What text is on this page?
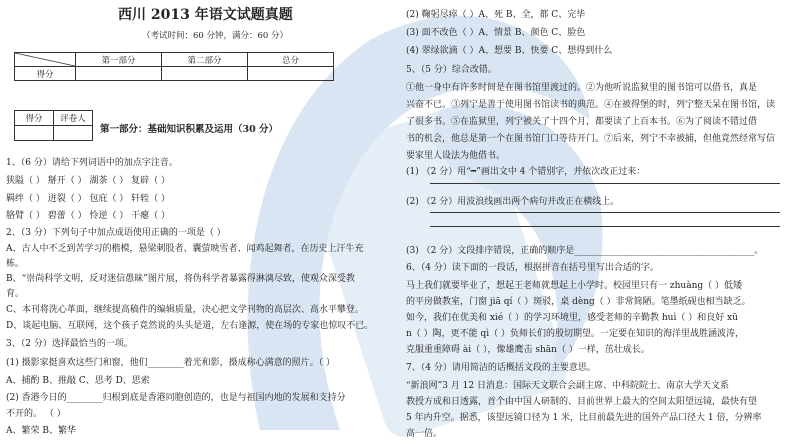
西川 2013 年语文试题真题
（考试时间：60 分钟，满分：60 分）
	第一部分	第二部分	总分
得分			
得分	评卷人

第一部分：基础知识积累及运用（30 分）
1、（6 分）请给下列词语中的加点字注音。
狭隘（ ） 掰开（ ） 湖茶（ ） 复辟（ ）
羁绊（ ） 迸裂（ ） 包庇（ ） 轩轾（ ）
胳臂（ ） 碧蕾（ ） 怜逆（ ） 干瘪（ ）
2、（3 分）下列句子中加点成语使用正确的一项是（ ）
A、古人中不乏到苦学习的楷模，悬梁刺股者、囊萤映雪者、闻鸡起舞者，在历史上汗牛充
栋。
B、“崇尚科学文明，反对迷信愚昧”图片展，将伪科学者暴露得淋漓尽致，使观众深受教
育。
C、本刊将洗心革面，继续提高稿件的编辑质量，决心把文学刊物的高层次、高水平攀登。
D、谈起电脑、互联网，这个孩子竟然说的头头是道，左右逢源，使在场的专家也惊叹不已。
3、（2 分）选择最恰当的一项。
(1) 摄影家挺喜欢这些门和窗，他们________着光和影，摄成称心满意的照片。（ ）
A、捕酌 B、推敲 C、思考 D、思索
(2) 香港今日的________归根到底是香港同胞创造的，也是与祖国内地的发展和支持分
不开的。 （ ）
A、繁荣 B、繁华
(2) 鞠躬尽瘁（ ）A、死 B、全，都 C、完毕
(3) 面不改色（ ）A、情景 B、颜色 C、脸色
(4) 翠绿欲滴（ ）A、想要 B、快要 C、想得到什么
5、（5 分）综合改错。
①他一身中有许多时间是在图书馆里渡过的。②为他听说监狱里的图书馆可以借书，真是
兴奋不已。③列宁是善于使用图书馆读书的典范。④在被得堡的时，列宁整天呆在图书馆，读
了很多书。⑤在监狱里，列宁被关了十四个月，都要读了上百本书。⑥为了阅读不错过借
书的机会，他总是第一个在图书馆门口等待开门。⑦后来，列宁不幸被捕，但他竟然经常写信
要家里人设法为他借书。
(1) （2 分）用“━”画出文中 4 个错别字，并依次改正过来：
(2) （2 分）用波浪线画出两个病句并改正在横线上。
(3) （2 分）文段排序错误，正确的顺序是________________________________________。
6、（4 分）读下面的一段话，根据拼音在括号里写出合适的字。
马上我们就要毕业了，想起王老师就想起上小学时。校园里只有一 zhuàng（ ）低矮
的平房做教室，门窗 jiā qí（ ）斑驳，桌 dèng（ ）非常简陋。笔墨纸砚也相当缺乏。
如今，我们在优美和 xié（ ）的学习环境里，感受老师的辛勤教 huì（ ）和良好 xū
n（ ）陶，更不能 qì（ ）负师长们的殷切期望。一定要在知识的海洋里战胜涵波涛，
克服重重障碍 ài（ ），像雄鹰击 shān（ ）一样，茁壮成长。
7、（4 分）请用简洁的话概括文段的主要意思。
“新浪网”3 月 12 日消息：国际天文联合会副主席、中科院院士、南京大学天文系
教授方成和日透露，首个由中国人研制的、目前世界上最大的空间太阳望远镜，最快有望
5 年内升空。据悉，该望远镜口径为 1 米，比目前最先进的国外产品口径大 1 倍，分辨率
高一倍。
